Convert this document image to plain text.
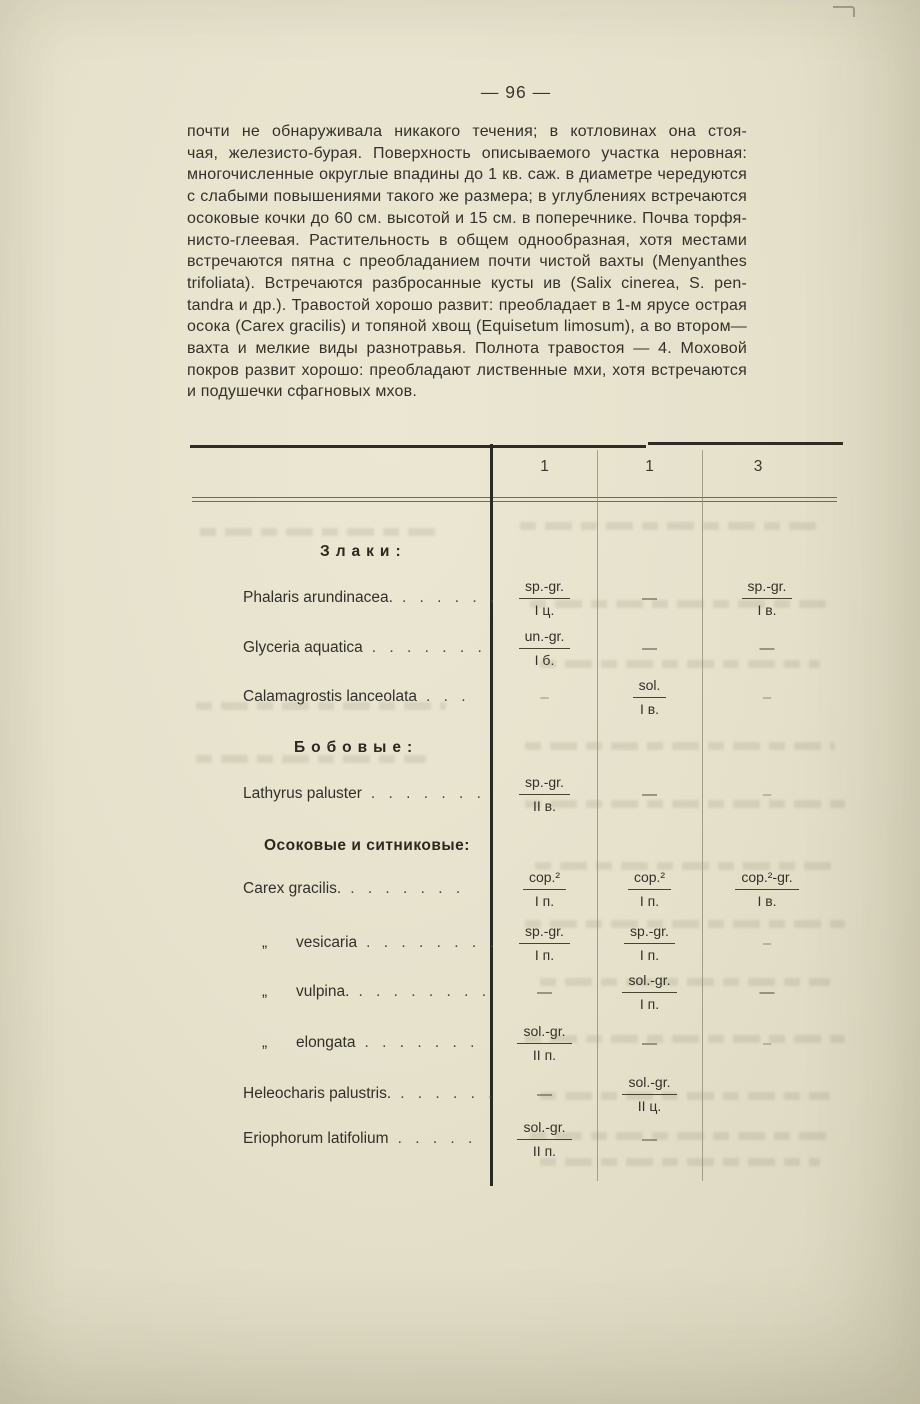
— 96 —
почти не обнаруживала никакого течения; в котловинах она стоя-
чая, железисто-бурая. Поверхность описываемого участка неровная:
многочисленные округлые впадины до 1 кв. саж. в диаметре чередуются
с слабыми повышениями такого же размера; в углублениях встречаются
осоковые кочки до 60 см. высотой и 15 см. в поперечнике. Почва торфя-
нисто-глеевая. Растительность в общем однообразная, хотя местами
встречаются пятна с преобладанием почти чистой вахты (Menyanthes
trifoliata). Встречаются разбросанные кусты ив (Salix cinerea, S. pen-
tandra и др.). Травостой хорошо развит: преобладает в 1-м ярусе острая
осока (Carex gracilis) и топяной хвощ (Equisetum limosum), а во втором—
вахта и мелкие виды разнотравья. Полнота травостоя — 4. Моховой
покров развит хорошо: преобладают лиственные мхи, хотя встречаются
и подушечки сфагновых мхов.
1	1	3
Злаки:
Phalaris arundinacea. . . . . . . $\frac{sp.-gr.}{\text{I ц.}}$	—	$\frac{sp.-gr.}{\text{I в.}}$
Glyceria aquatica . . . . . . . $\frac{un.-gr.}{\text{I б.}}$	—	—
Calamagrostis lanceolata . . .	–	$\frac{\text{sol.}}{\text{I в.}}$	–
Бобовые:
Lathyrus paluster . . . . . . .	$\frac{sp.-gr.}{\text{II в.}}$	—	–
Осоковые и ситниковые:
Carex gracilis. . . . . . . .	$\frac{\text{cop.²}}{\text{I п.}}$	$\frac{\text{cop.²}}{\text{I п.}}$	$\frac{\text{cop.²-gr.}}{\text{I в.}}$
„	vesicaria . . . . . . . . $\frac{sp.-gr.}{\text{I п.}}$	$\frac{sp.-gr.}{\text{I п.}}$	–
„	vulpina. . . . . . . . .	—	$\frac{\text{sol.-gr.}}{\text{I п.}}$	—
„	elongata . . . . . . .	$\frac{\text{sol.-gr.}}{\text{II п.}}$	—	–
Heleocharis palustris. . . . . . .	—	$\frac{\text{sol.-gr.}}{\text{II ц.}}$
Eriophorum latifolium . . . . .	$\frac{\text{sol.-gr.}}{\text{II п.}}$	—
